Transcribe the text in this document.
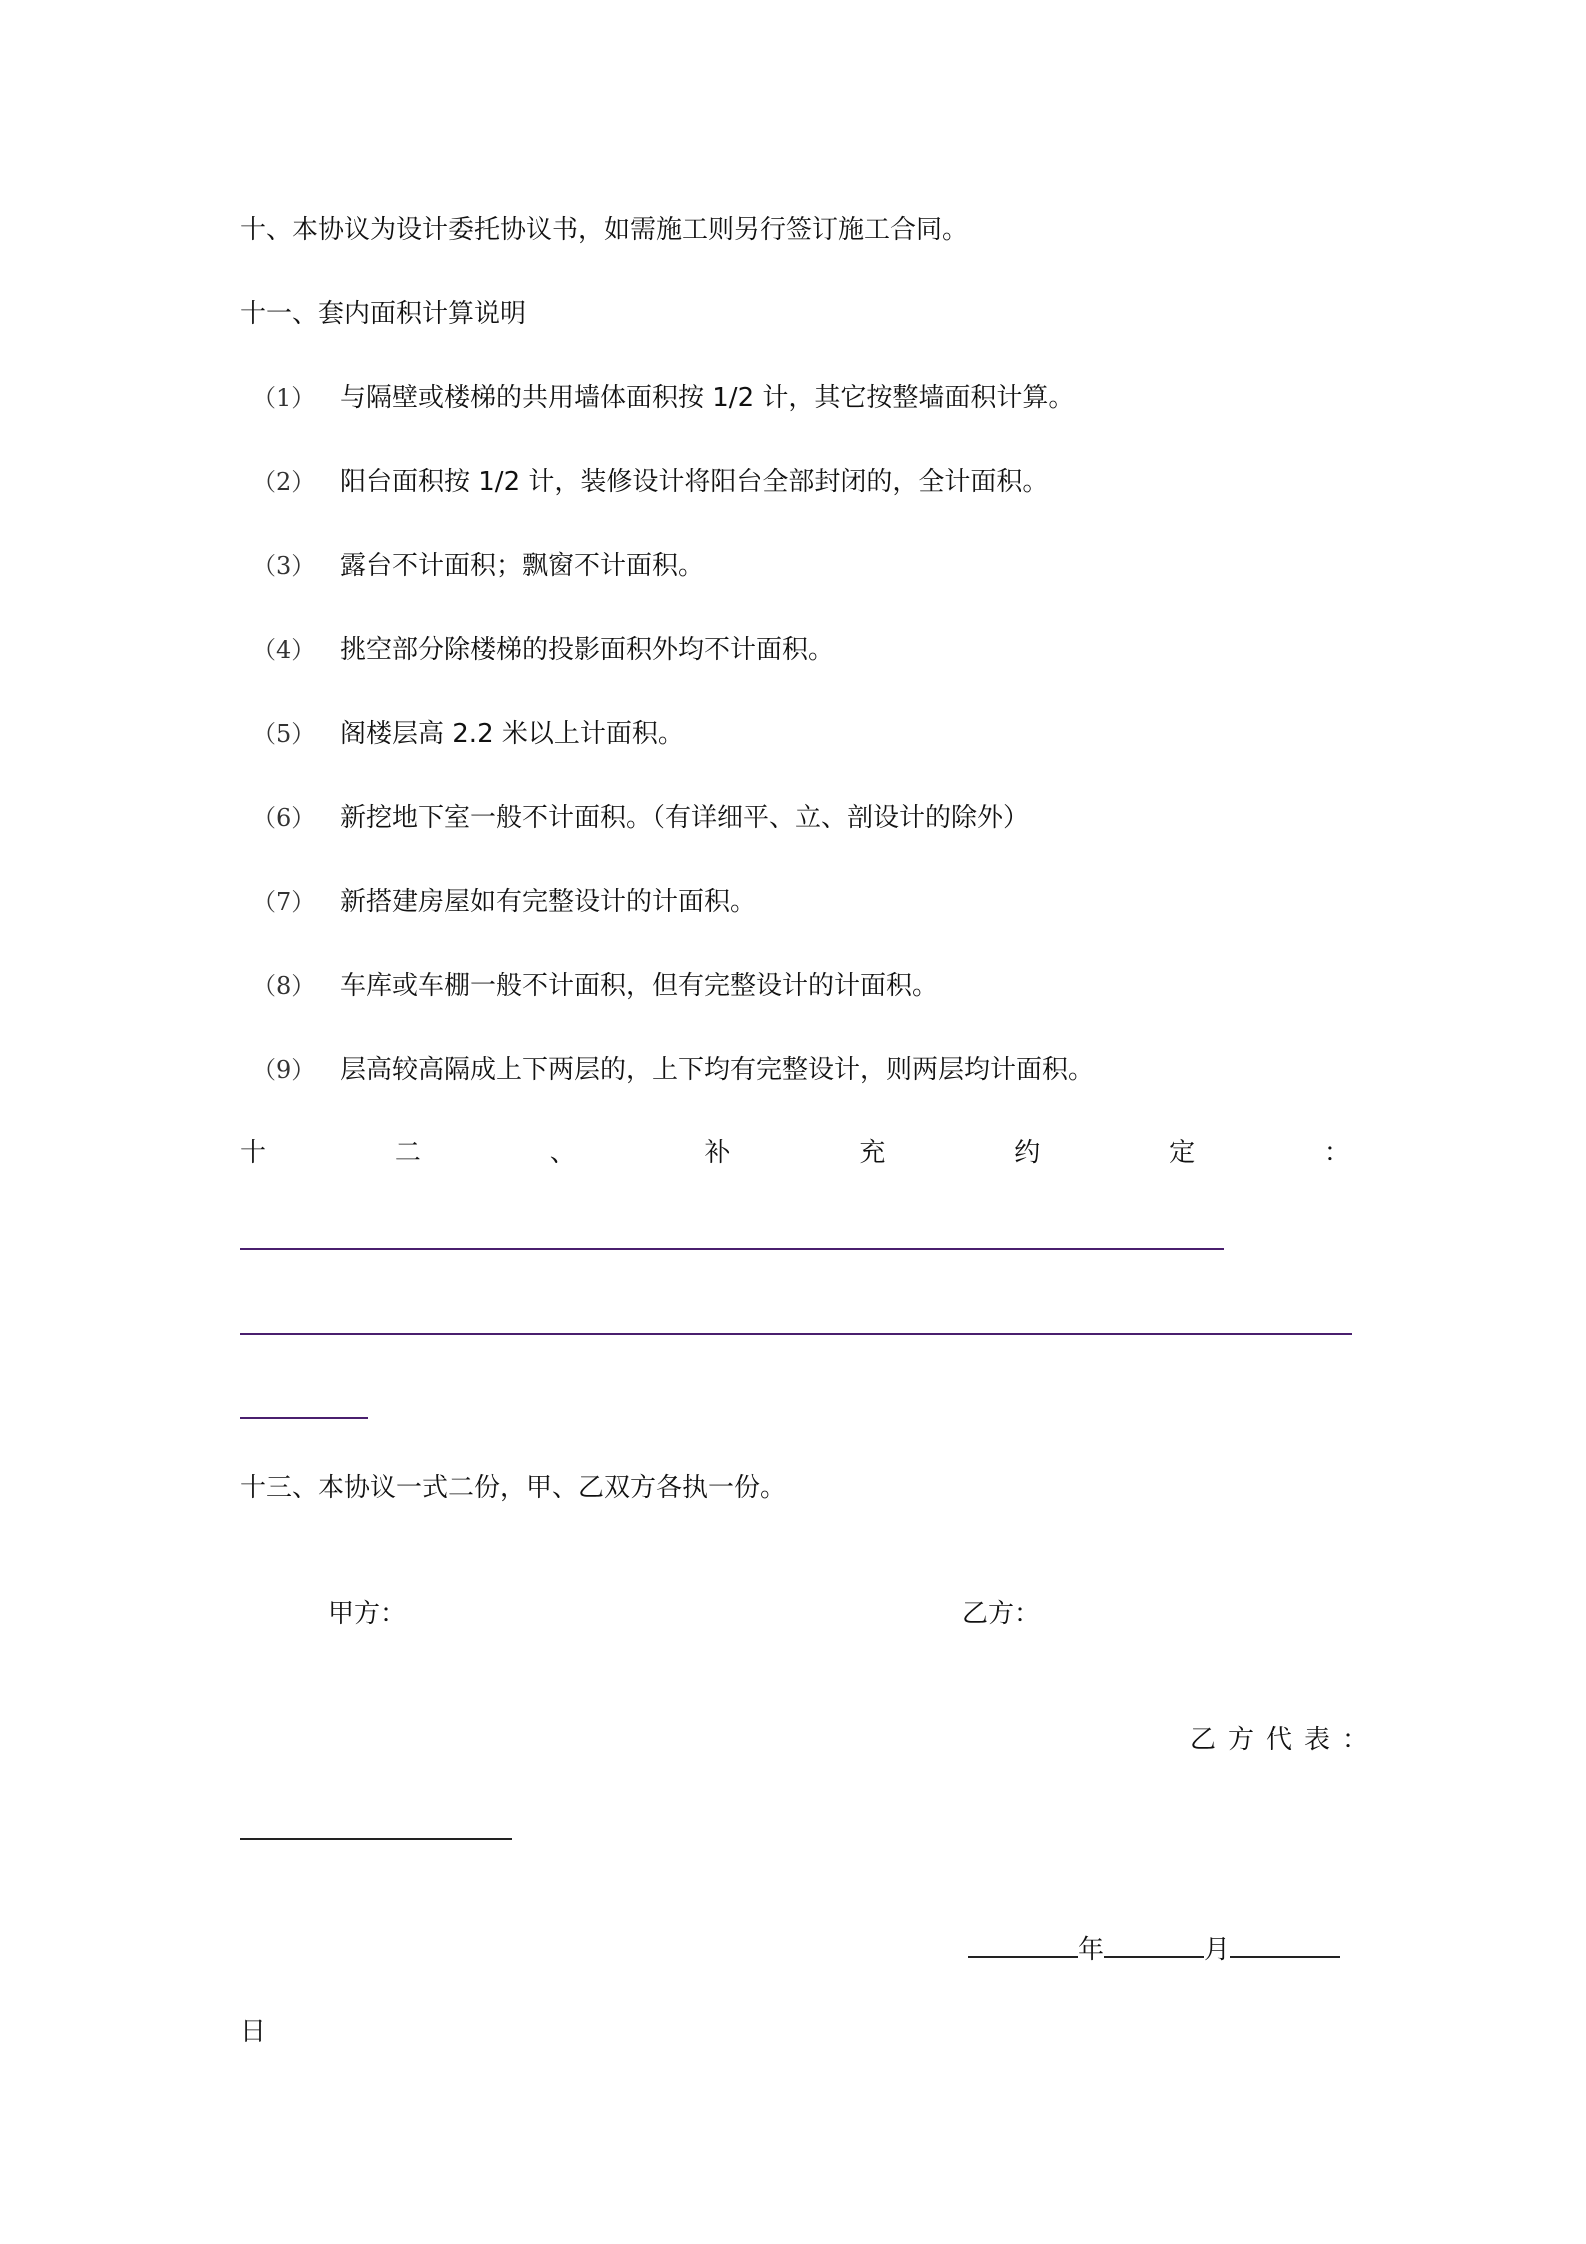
十、本协议为设计委托协议书，如需施工则另行签订施工合同。
十一、套内面积计算说明
（1） 与隔壁或楼梯的共用墙体面积按 1/2 计，其它按整墙面积计算。
（2） 阳台面积按 1/2 计，装修设计将阳台全部封闭的，全计面积。
（3） 露台不计面积；飘窗不计面积。
（4） 挑空部分除楼梯的投影面积外均不计面积。
（5） 阁楼层高 2.2 米以上计面积。
（6） 新挖地下室一般不计面积。（有详细平、立、剖设计的除外）
（7） 新搭建房屋如有完整设计的计面积。
（8） 车库或车棚一般不计面积，但有完整设计的计面积。
（9） 层高较高隔成上下两层的，上下均有完整设计，则两层均计面积。
十	二	、	补	充	约	定	：
十三、本协议一式二份，甲、乙双方各执一份。
甲方：	乙方：
乙方代表：
年	月
日
